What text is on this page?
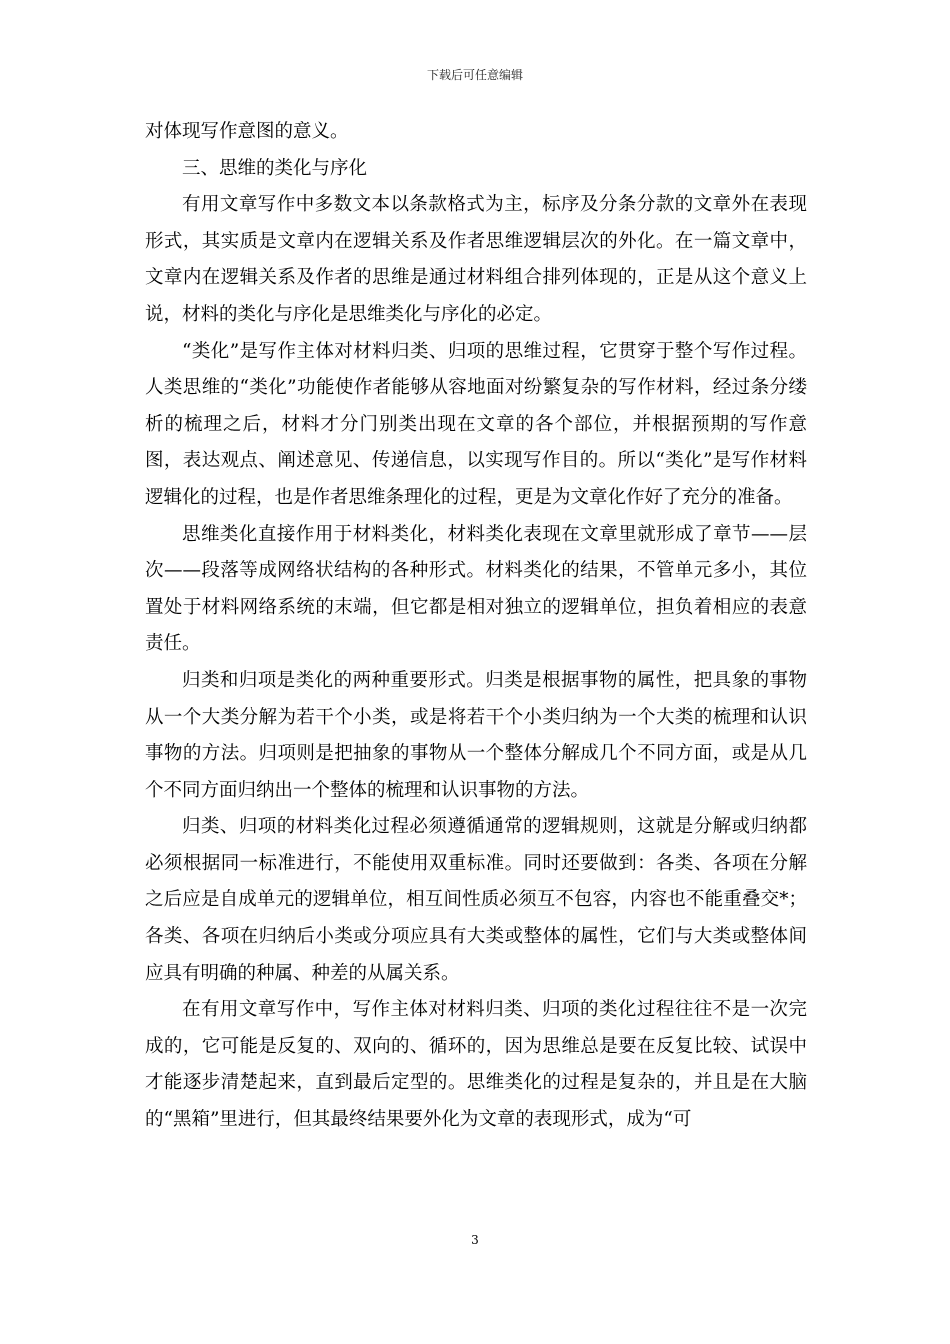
下载后可任意编辑

对体现写作意图的意义。

三、思维的类化与序化

有用文章写作中多数文本以条款格式为主，标序及分条分款的文章外在表现形式，其实质是文章内在逻辑关系及作者思维逻辑层次的外化。在一篇文章中，文章内在逻辑关系及作者的思维是通过材料组合排列体现的，正是从这个意义上说，材料的类化与序化是思维类化与序化的必定。

“类化”是写作主体对材料归类、归项的思维过程，它贯穿于整个写作过程。人类思维的“类化”功能使作者能够从容地面对纷繁复杂的写作材料，经过条分缕析的梳理之后，材料才分门别类出现在文章的各个部位，并根据预期的写作意图，表达观点、阐述意见、传递信息，以实现写作目的。所以“类化”是写作材料逻辑化的过程，也是作者思维条理化的过程，更是为文章化作好了充分的准备。

思维类化直接作用于材料类化，材料类化表现在文章里就形成了章节——层次——段落等成网络状结构的各种形式。材料类化的结果，不管单元多小，其位置处于材料网络系统的末端，但它都是相对独立的逻辑单位，担负着相应的表意责任。

归类和归项是类化的两种重要形式。归类是根据事物的属性，把具象的事物从一个大类分解为若干个小类，或是将若干个小类归纳为一个大类的梳理和认识事物的方法。归项则是把抽象的事物从一个整体分解成几个不同方面，或是从几个不同方面归纳出一个整体的梳理和认识事物的方法。

归类、归项的材料类化过程必须遵循通常的逻辑规则，这就是分解或归纳都必须根据同一标准进行，不能使用双重标准。同时还要做到：各类、各项在分解之后应是自成单元的逻辑单位，相互间性质必须互不包容，内容也不能重叠交*；各类、各项在归纳后小类或分项应具有大类或整体的属性，它们与大类或整体间应具有明确的种属、种差的从属关系。

在有用文章写作中，写作主体对材料归类、归项的类化过程往往不是一次完成的，它可能是反复的、双向的、循环的，因为思维总是要在反复比较、试误中才能逐步清楚起来，直到最后定型的。思维类化的过程是复杂的，并且是在大脑的“黑箱”里进行，但其最终结果要外化为文章的表现形式，成为“可

3
